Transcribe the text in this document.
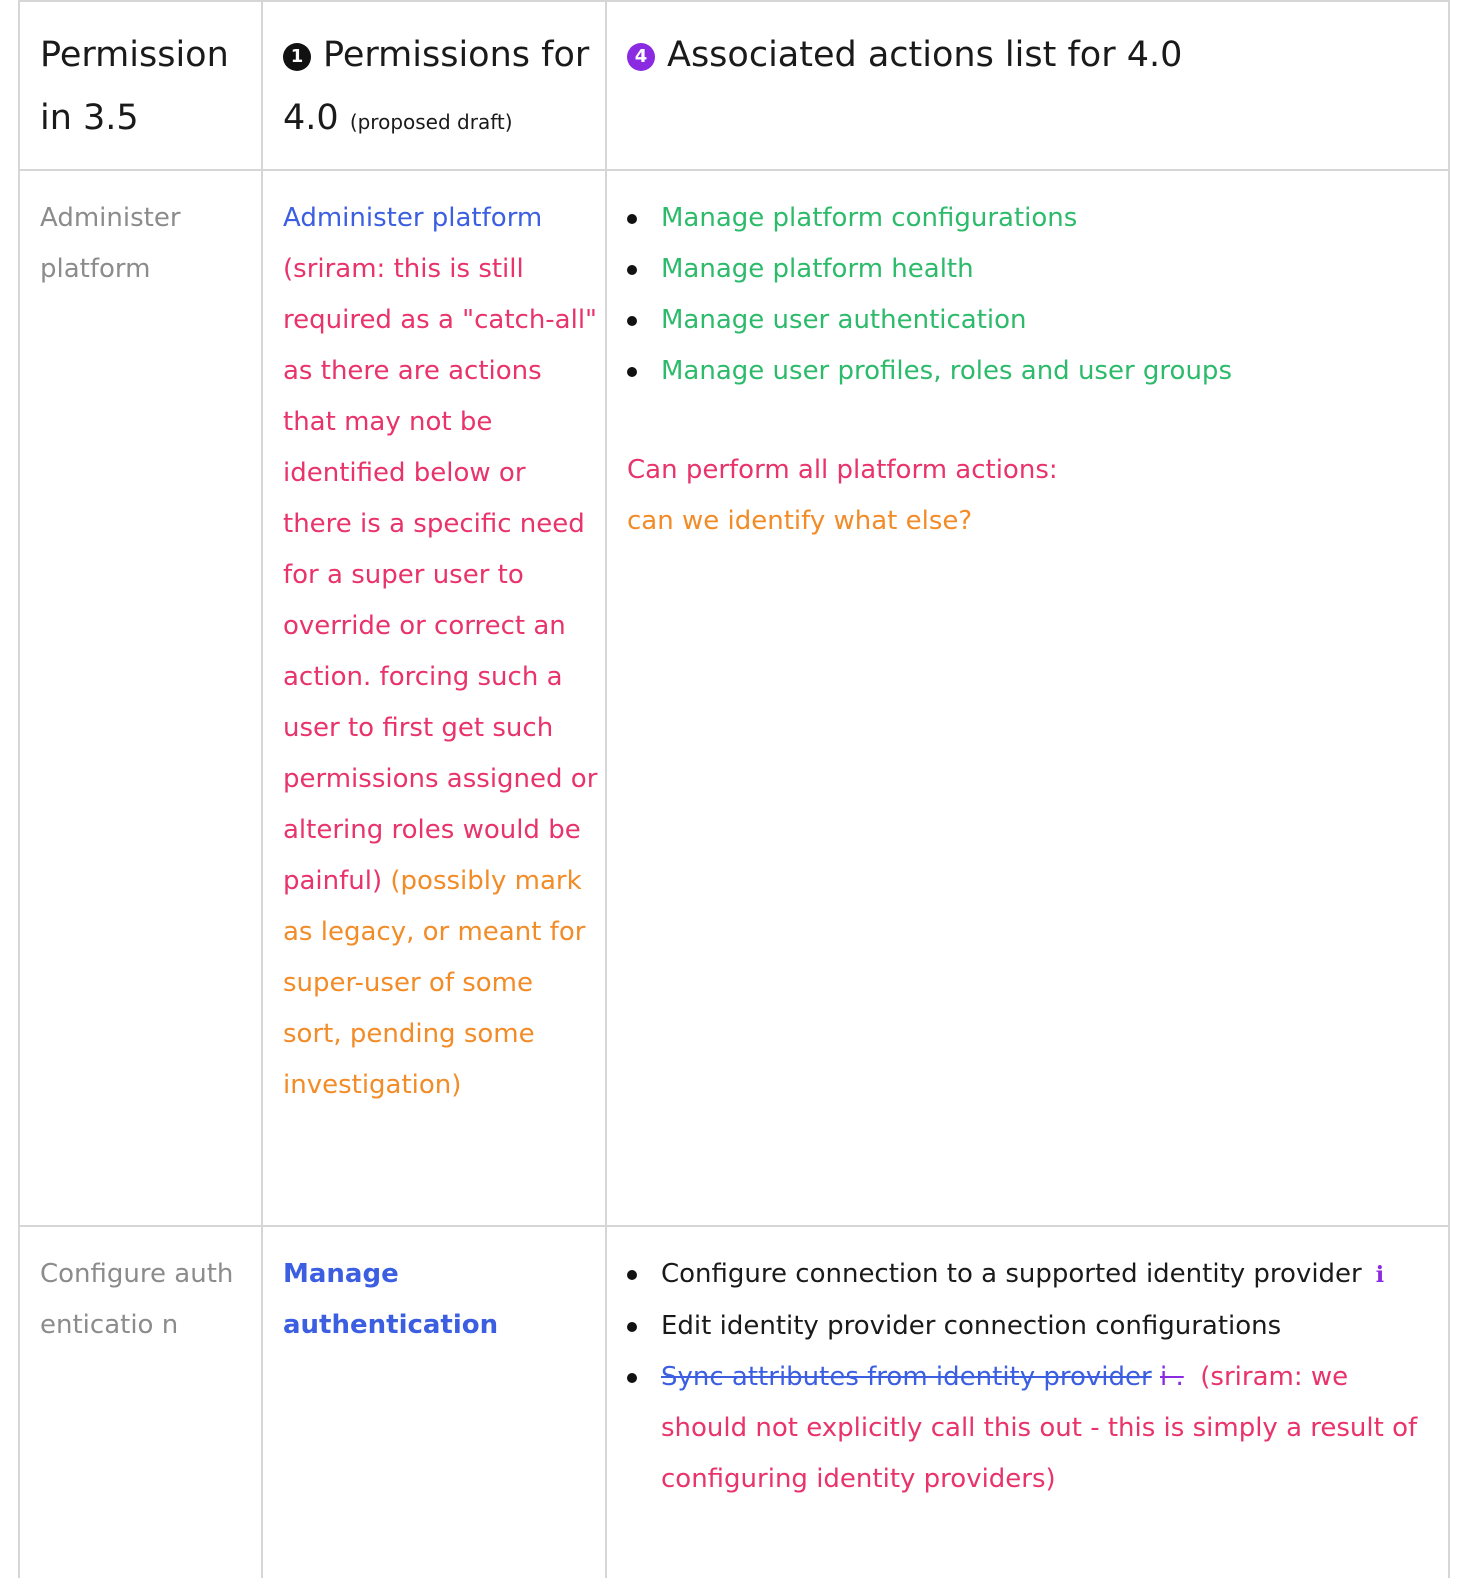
Permission in 3.5
1 Permissions for 4.0 (proposed draft)
4 Associated actions list for 4.0
Administer platform
Administer platform (sriram: this is still required as a "catch-all" as there are actions that may not be identified below or there is a specific need for a super user to override or correct an action. forcing such a user to first get such permissions assigned or altering roles would be painful) (possibly mark as legacy, or meant for super-user of some sort, pending some investigation)
Manage platform configurations
Manage platform health
Manage user authentication
Manage user profiles, roles and user groups
Can perform all platform actions:
can we identify what else?
Configure authenticatio n
Manage authentication
Configure connection to a supported identity provider i
Edit identity provider connection configurations
Sync attributes from identity provider i . (sriram: we should not explicitly call this out - this is simply a result of configuring identity providers)
